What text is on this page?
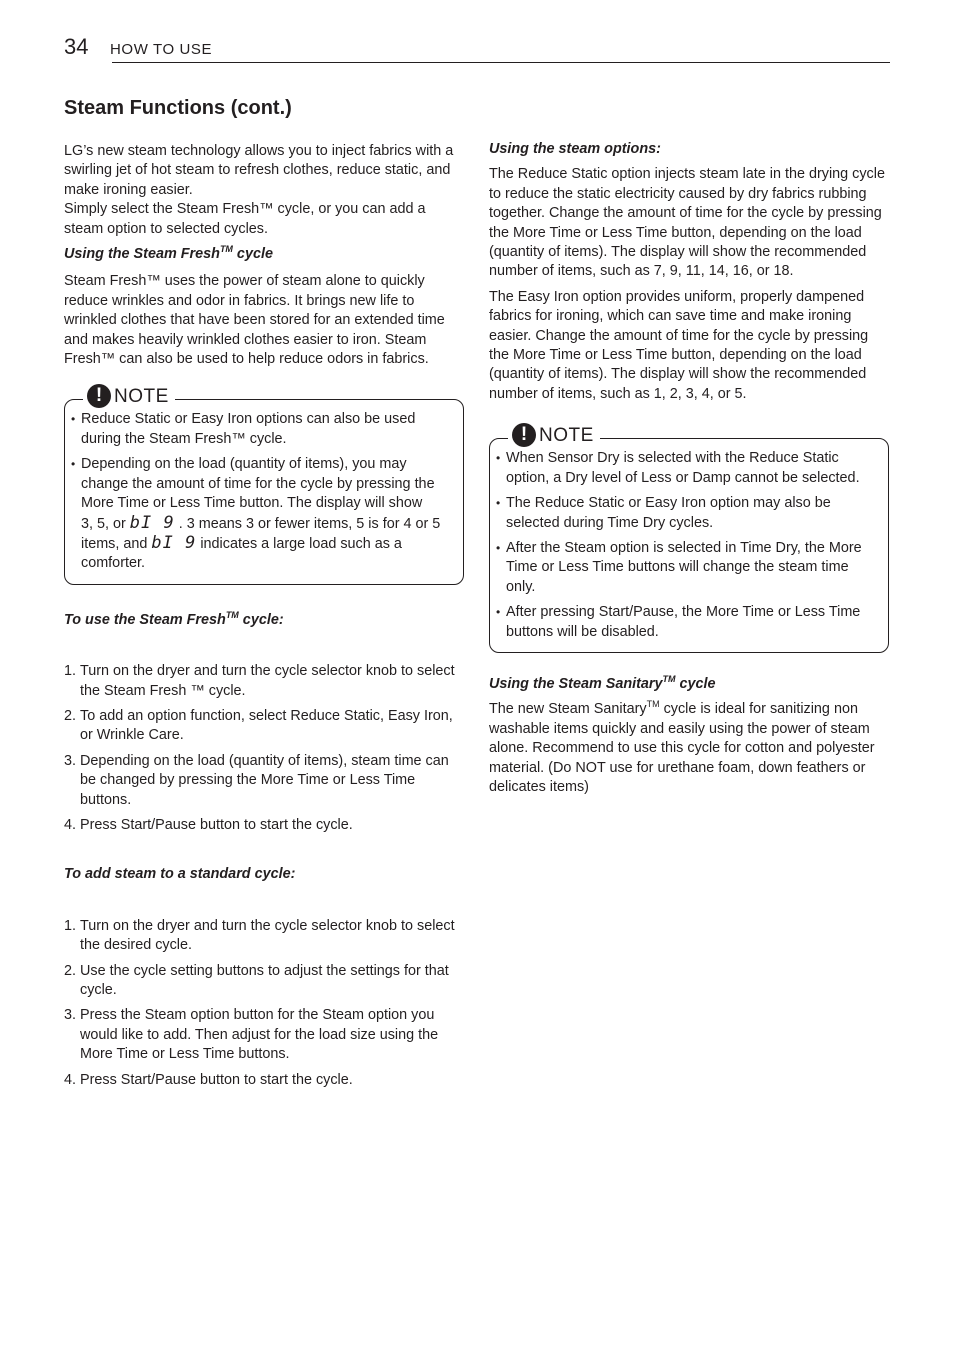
34 HOW TO USE
Steam Functions (cont.)

LG’s new steam technology allows you to inject fabrics with a swirling jet of hot steam to refresh clothes, reduce static, and make ironing easier.

Simply select the Steam Fresh™ cycle, or you can add a steam option to selected cycles.

Using the Steam Fresh™ cycle

Steam Fresh™ uses the power of steam alone to quickly reduce wrinkles and odor in fabrics. It brings new life to wrinkled clothes that have been stored for an extended time and makes heavily wrinkled clothes easier to iron. Steam Fresh™ can also be used to help reduce odors in fabrics.

! NOTE
• Reduce Static or Easy Iron options can also be used during the Steam Fresh™ cycle.
• Depending on the load (quantity of items), you may change the amount of time for the cycle by pressing the More Time or Less Time button. The display will show
3, 5, or bI 9 . 3 means 3 or fewer items, 5 is for 4 or 5 items, and bI 9 indicates a large load such as a comforter.

To use the Steam Fresh™ cycle:

1. Turn on the dryer and turn the cycle selector knob to select the Steam Fresh ™ cycle.
2. To add an option function, select Reduce Static, Easy Iron, or Wrinkle Care.
3. Depending on the load (quantity of items), steam time can be changed by pressing the More Time or Less Time buttons.
4. Press Start/Pause button to start the cycle.

To add steam to a standard cycle:

1. Turn on the dryer and turn the cycle selector knob to select the desired cycle.
2. Use the cycle setting buttons to adjust the settings for that cycle.
3. Press the Steam option button for the Steam option you would like to add. Then adjust for the load size using the More Time or Less Time buttons.
4. Press Start/Pause button to start the cycle.

Using the steam options:

The Reduce Static option injects steam late in the drying cycle to reduce the static electricity caused by dry fabrics rubbing together. Change the amount of time for the cycle by pressing the More Time or Less Time button, depending on the load (quantity of items). The display will show the recommended number of items, such as 7, 9, 11, 14, 16, or 18.

The Easy Iron option provides uniform, properly dampened fabrics for ironing, which can save time and make ironing easier. Change the amount of time for the cycle by pressing the More Time or Less Time button, depending on the load (quantity of items). The display will show the recommended number of items, such as 1, 2, 3, 4, or 5.

! NOTE
• When Sensor Dry is selected with the Reduce Static option, a Dry level of Less or Damp cannot be selected.
• The Reduce Static or Easy Iron option may also be selected during Time Dry cycles.
• After the Steam option is selected in Time Dry, the More Time or Less Time buttons will change the steam time only.
• After pressing Start/Pause, the More Time or Less Time buttons will be disabled.

Using the Steam Sanitary™ cycle

The new Steam Sanitary™ cycle is ideal for sanitizing non washable items quickly and easily using the power of steam alone. Recommend to use this cycle for cotton and polyester material. (Do NOT use for urethane foam, down feathers or delicates items)
